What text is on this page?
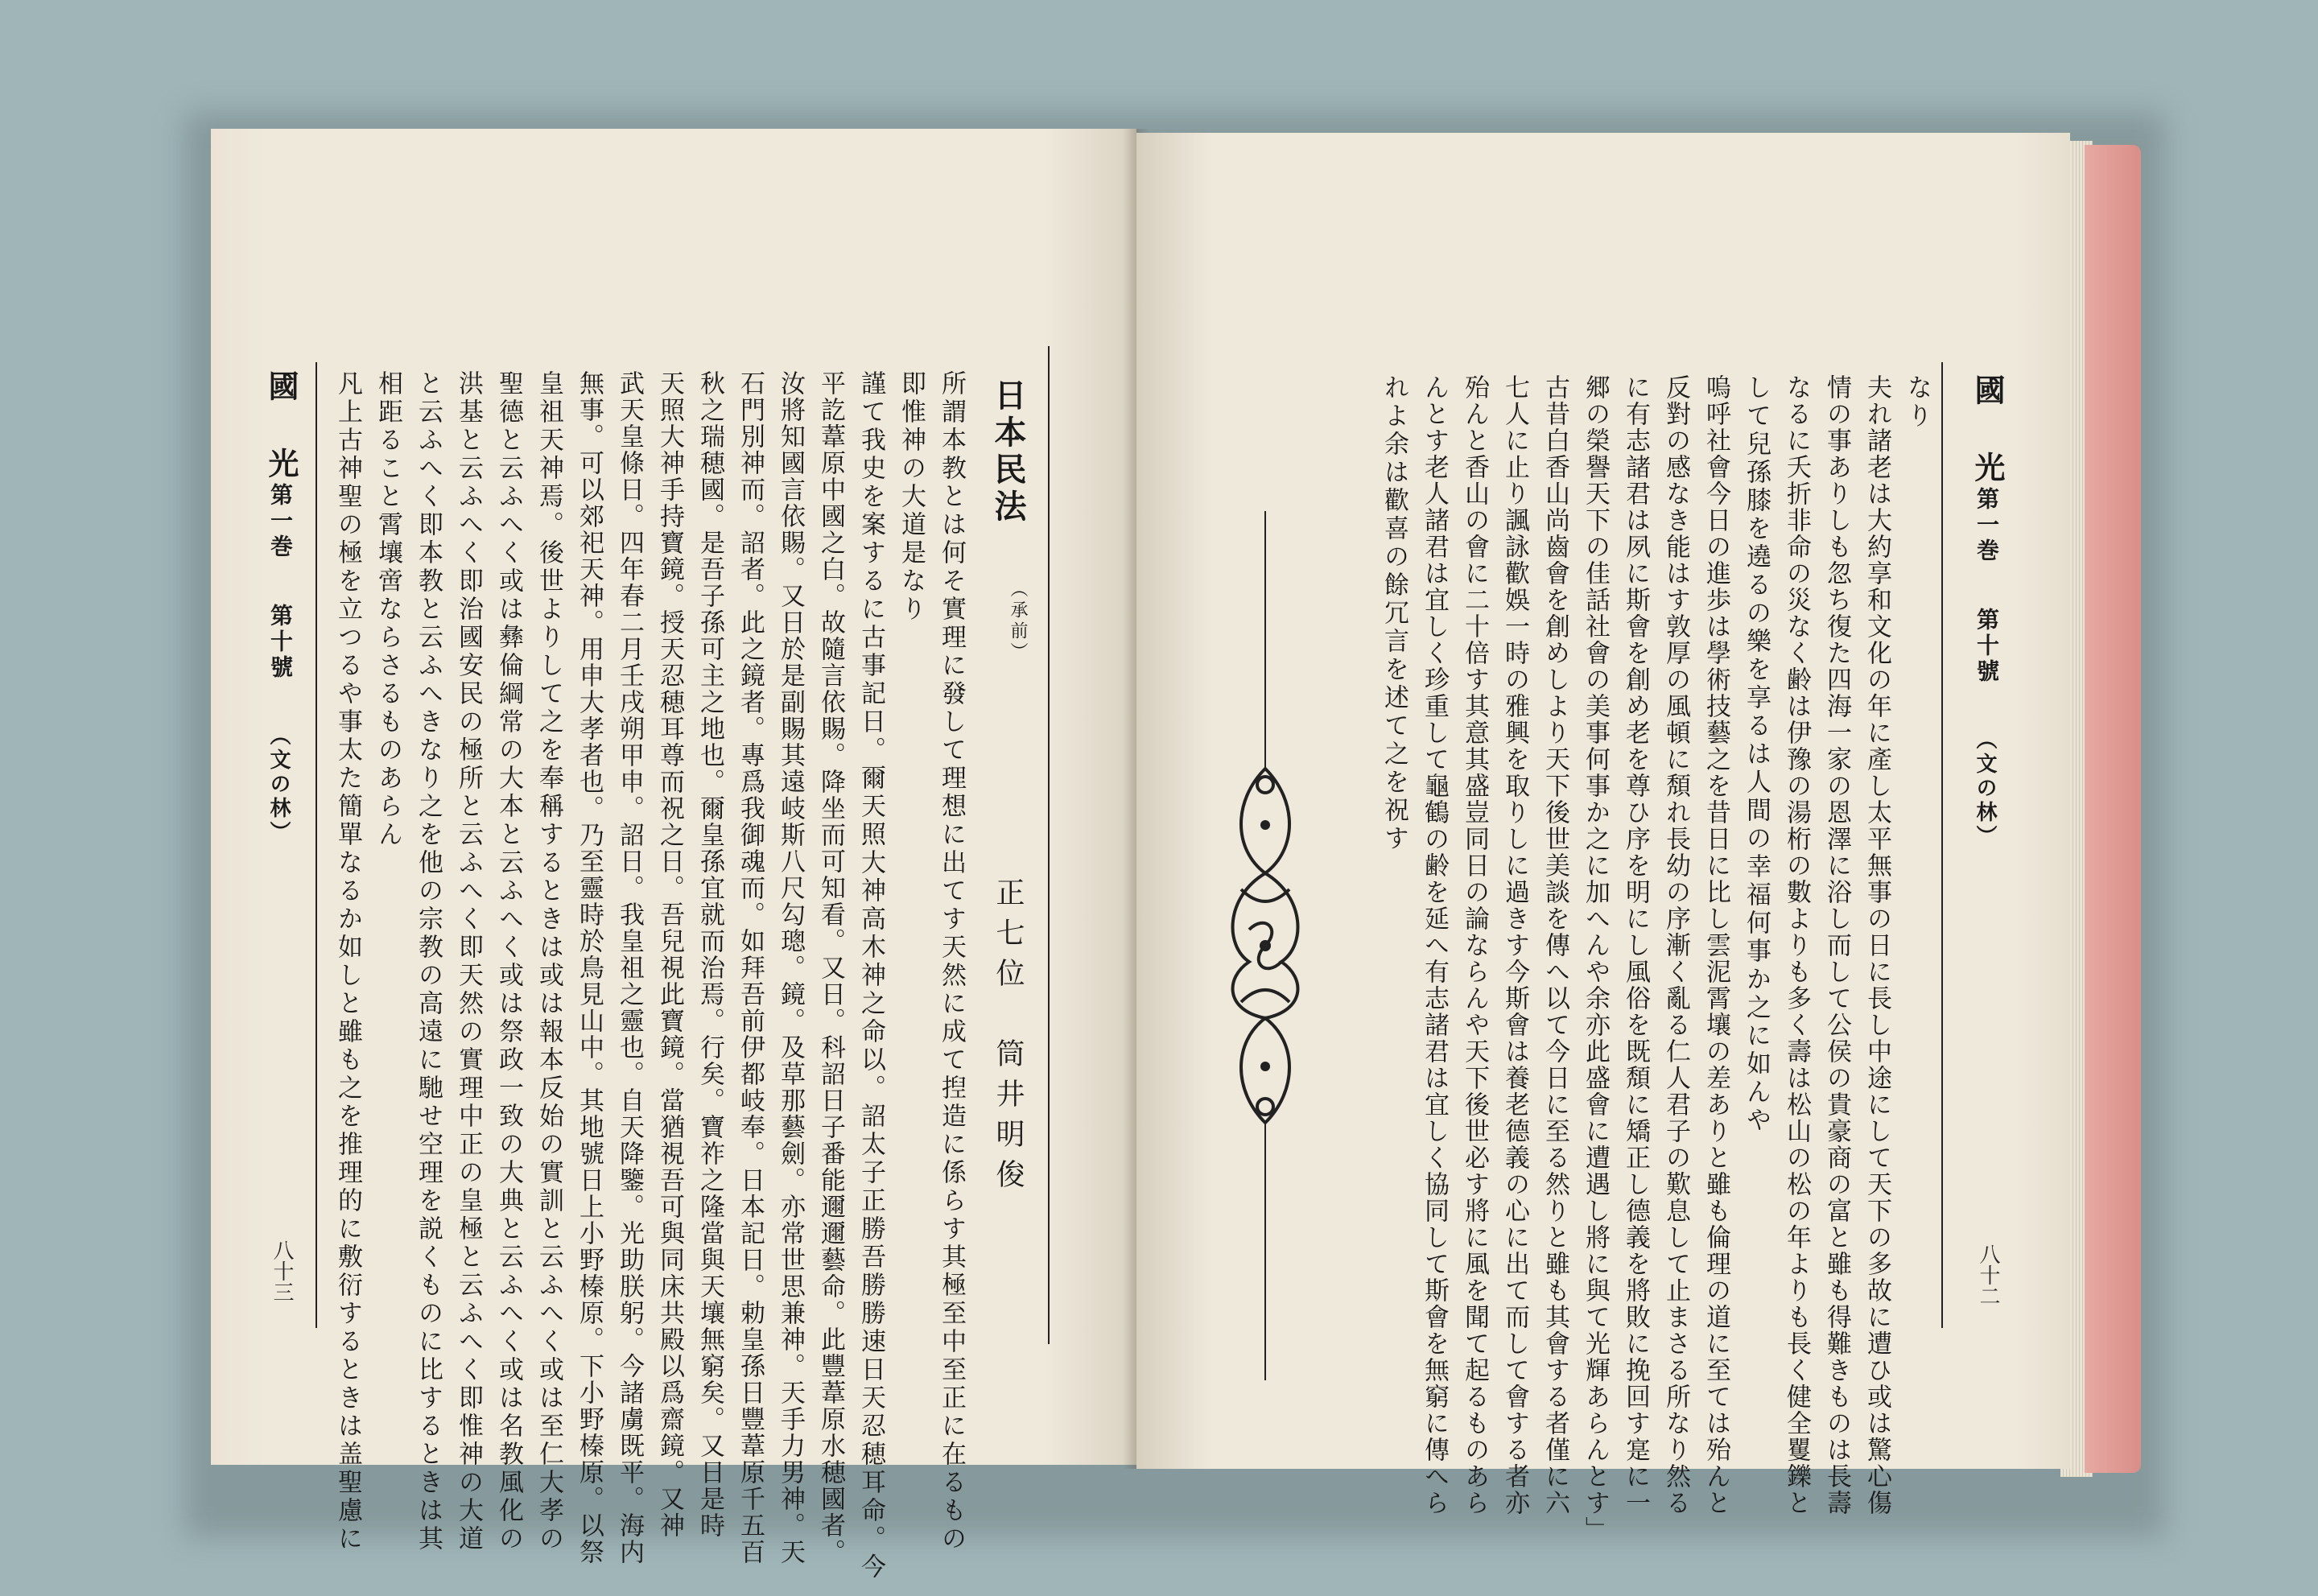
國　光
第一巻
第十號
（文の林）
八十三
日本民法
（承前）
正七位　筒井明俊
所謂本教とは何そ實理に發して理想に出てす天然に成て揑造に係らす其極至中至正に在るもの
即惟神の大道是なり
謹て我史を案するに古事記日。爾天照大神高木神之命以。詔太子正勝吾勝勝速日天忍穂耳命。今
平訖葦原中國之白。故隨言依賜。降坐而可知看。又日。科詔日子番能邇邇藝命。此豐葦原水穂國者。
汝將知國言依賜。又日於是副賜其遠岐斯八尺勾璁。鏡。及草那藝劍。亦常世思兼神。天手力男神。天
石門別神而。詔者。此之鏡者。專爲我御魂而。如拜吾前伊都岐奉。日本記日。勅皇孫日豐葦原千五百
秋之瑞穂國。是吾子孫可主之地也。爾皇孫宜就而治焉。行矣。寶祚之隆當與天壤無窮矣。又日是時
天照大神手持寶鏡。授天忍穂耳尊而祝之日。吾兒視此寶鏡。當猶視吾可與同床共殿以爲齋鏡。又神
武天皇條日。四年春二月壬戌朔甲申。詔日。我皇祖之靈也。自天降鑒。光助朕躬。今諸虜既平。海内
無事。可以郊祀天神。用申大孝者也。乃至靈時於鳥見山中。其地號日上小野榛原。下小野榛原。以祭
皇祖天神焉。後世よりして之を奉稱するときは或は報本反始の實訓と云ふへく或は至仁大孝の
聖德と云ふへく或は彝倫綱常の大本と云ふへく或は祭政一致の大典と云ふへく或は名教風化の
洪基と云ふへく即治國安民の極所と云ふへく即天然の實理中正の皇極と云ふへく即惟神の大道
と云ふへく即本教と云ふへきなり之を他の宗教の高遠に馳せ空理を説くものに比するときは其
相距ること霄壤啻ならさるものあらん
凡上古神聖の極を立つるや事太た簡單なるか如しと雖も之を推理的に敷衍するときは盖聖慮に	國　光
第一巻
第十號
（文の林）
八十二
なり
夫れ諸老は大約享和文化の年に產し太平無事の日に長し中途にして天下の多故に遭ひ或は驚心傷
情の事ありしも忽ち復た四海一家の恩澤に浴し而して公侯の貴豪商の富と雖も得難きものは長壽
なるに夭折非命の災なく齢は伊豫の湯桁の數よりも多く壽は松山の松の年よりも長く健全矍鑠と
して兒孫膝を遶るの樂を享るは人間の幸福何事か之に如んや
嗚呼社會今日の進歩は學術技藝之を昔日に比し雲泥霄壤の差ありと雖も倫理の道に至ては殆んと
反對の感なき能はす敦厚の風頓に頽れ長幼の序漸く亂る仁人君子の歎息して止まさる所なり然る
に有志諸君は夙に斯會を創め老を尊ひ序を明にし風俗を既頽に矯正し德義を將敗に挽回す寔に一
郷の榮譽天下の佳話社會の美事何事か之に加へんや余亦此盛會に遭遇し將に與て光輝あらんとす」
古昔白香山尚齒會を創めしより天下後世美談を傳へ以て今日に至る然りと雖も其會する者僅に六
七人に止り諷詠歡娛一時の雅興を取りしに過きす今斯會は養老德義の心に出て而して會する者亦
殆んと香山の會に二十倍す其意其盛豈同日の論ならんや天下後世必す將に風を聞て起るものあら
んとす老人諸君は宜しく珍重して龜鶴の齢を延へ有志諸君は宜しく協同して斯會を無窮に傳へら
れよ余は歡喜の餘冗言を述て之を祝す
